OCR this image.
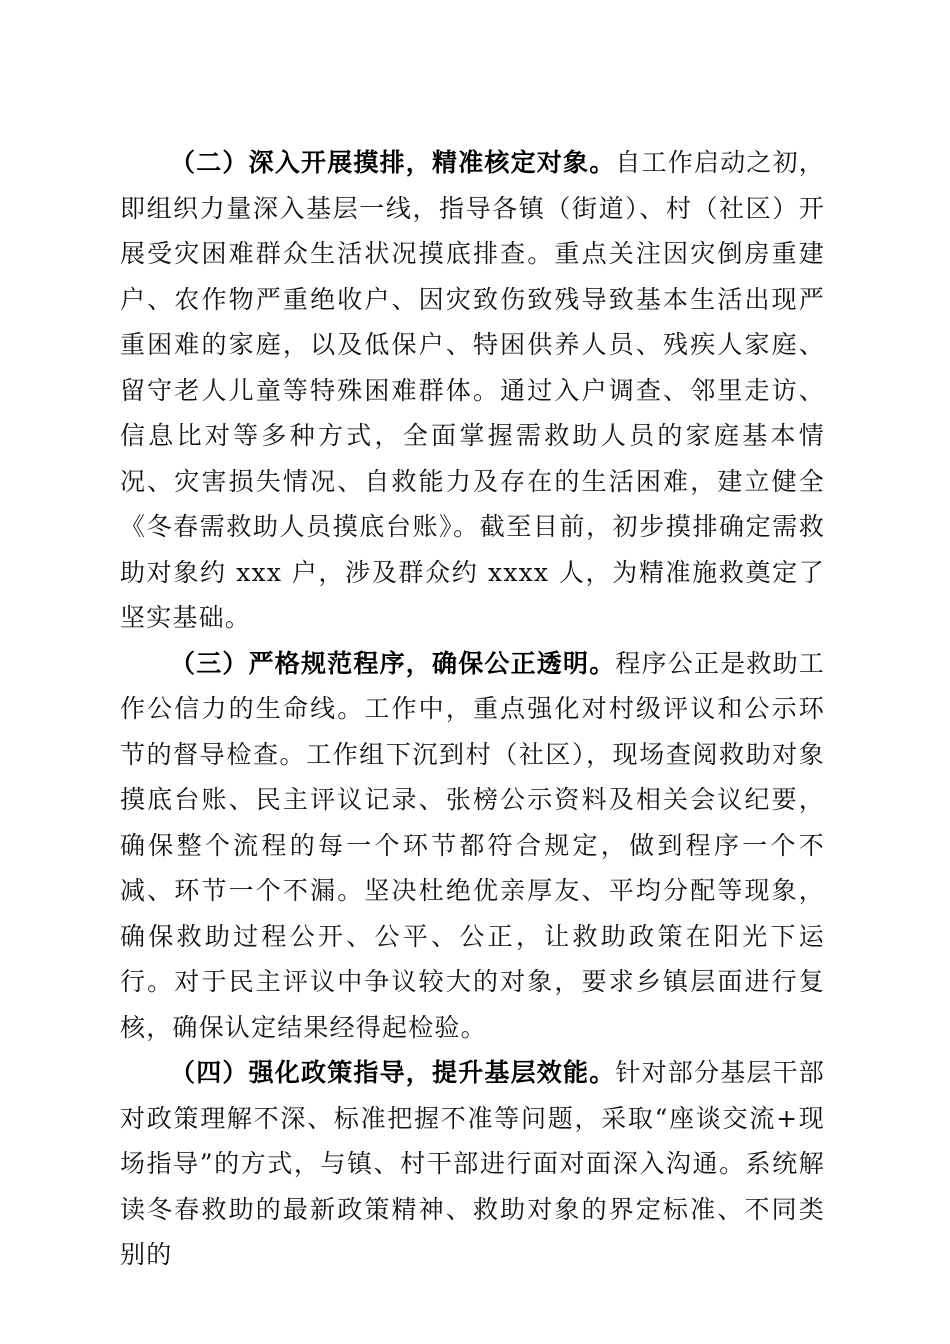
（二）深入开展摸排，精准核定对象。自工作启动之初，即组织力量深入基层一线，指导各镇（街道）、村（社区）开展受灾困难群众生活状况摸底排查。重点关注因灾倒房重建户、农作物严重绝收户、因灾致伤致残导致基本生活出现严重困难的家庭，以及低保户、特困供养人员、残疾人家庭、留守老人儿童等特殊困难群体。通过入户调查、邻里走访、信息比对等多种方式，全面掌握需救助人员的家庭基本情况、灾害损失情况、自救能力及存在的生活困难，建立健全《冬春需救助人员摸底台账》。截至目前，初步摸排确定需救助对象约 xxx 户，涉及群众约 xxxx 人，为精准施救奠定了坚实基础。

（三）严格规范程序，确保公正透明。程序公正是救助工作公信力的生命线。工作中，重点强化对村级评议和公示环节的督导检查。工作组下沉到村（社区），现场查阅救助对象摸底台账、民主评议记录、张榜公示资料及相关会议纪要，确保整个流程的每一个环节都符合规定，做到程序一个不减、环节一个不漏。坚决杜绝优亲厚友、平均分配等现象，确保救助过程公开、公平、公正，让救助政策在阳光下运行。对于民主评议中争议较大的对象，要求乡镇层面进行复核，确保认定结果经得起检验。

（四）强化政策指导，提升基层效能。针对部分基层干部对政策理解不深、标准把握不准等问题，采取“座谈交流+现场指导”的方式，与镇、村干部进行面对面深入沟通。系统解读冬春救助的最新政策精神、救助对象的界定标准、不同类别的
